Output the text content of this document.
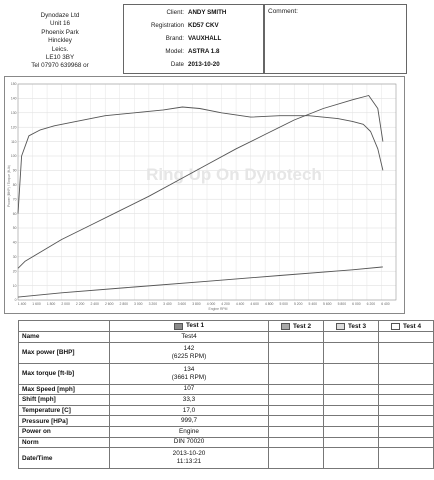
Dynodaze Ltd
Unit 16
Phoenix Park
Hinckley
Leics.
LE10 3BY
Tel 07970 639968 or
Client: ANDY SMITH
Registration KD57 CKV
Brand: VAUXHALL
Model: ASTRA 1.8
Date 2013-10-20
Comment:
Ring Up On Dynotech
0
10
20
30
40
50
60
70
80
90
100
110
120
130
140
150
1 400 1 600 1 800 2 000 2 200 2 400 2 600 2 800 3 000 3 200 3 400 3 600 3 800 4 000 4 200 4 400 4 600 4 800 5 000 5 200 5 400 5 600 5 800 6 000 6 200 6 400
Power (BHP) / Torque (ft-lb)
Engine RPM

	Test 1	Test 2	Test 3	Test 4

Name	Test4			
Max power [BHP]	142
(6225 RPM)			

Max torque [ft-lb]	134
(3661 RPM)			

Max Speed [mph]	107			
Shift [mph]	33,3			
Temperature [C]	17,0			
Pressure [HPa]	999,7			
Power on	Engine			
Norm	DIN 70020			
Date/Time	2013-10-20
11:13:21			
